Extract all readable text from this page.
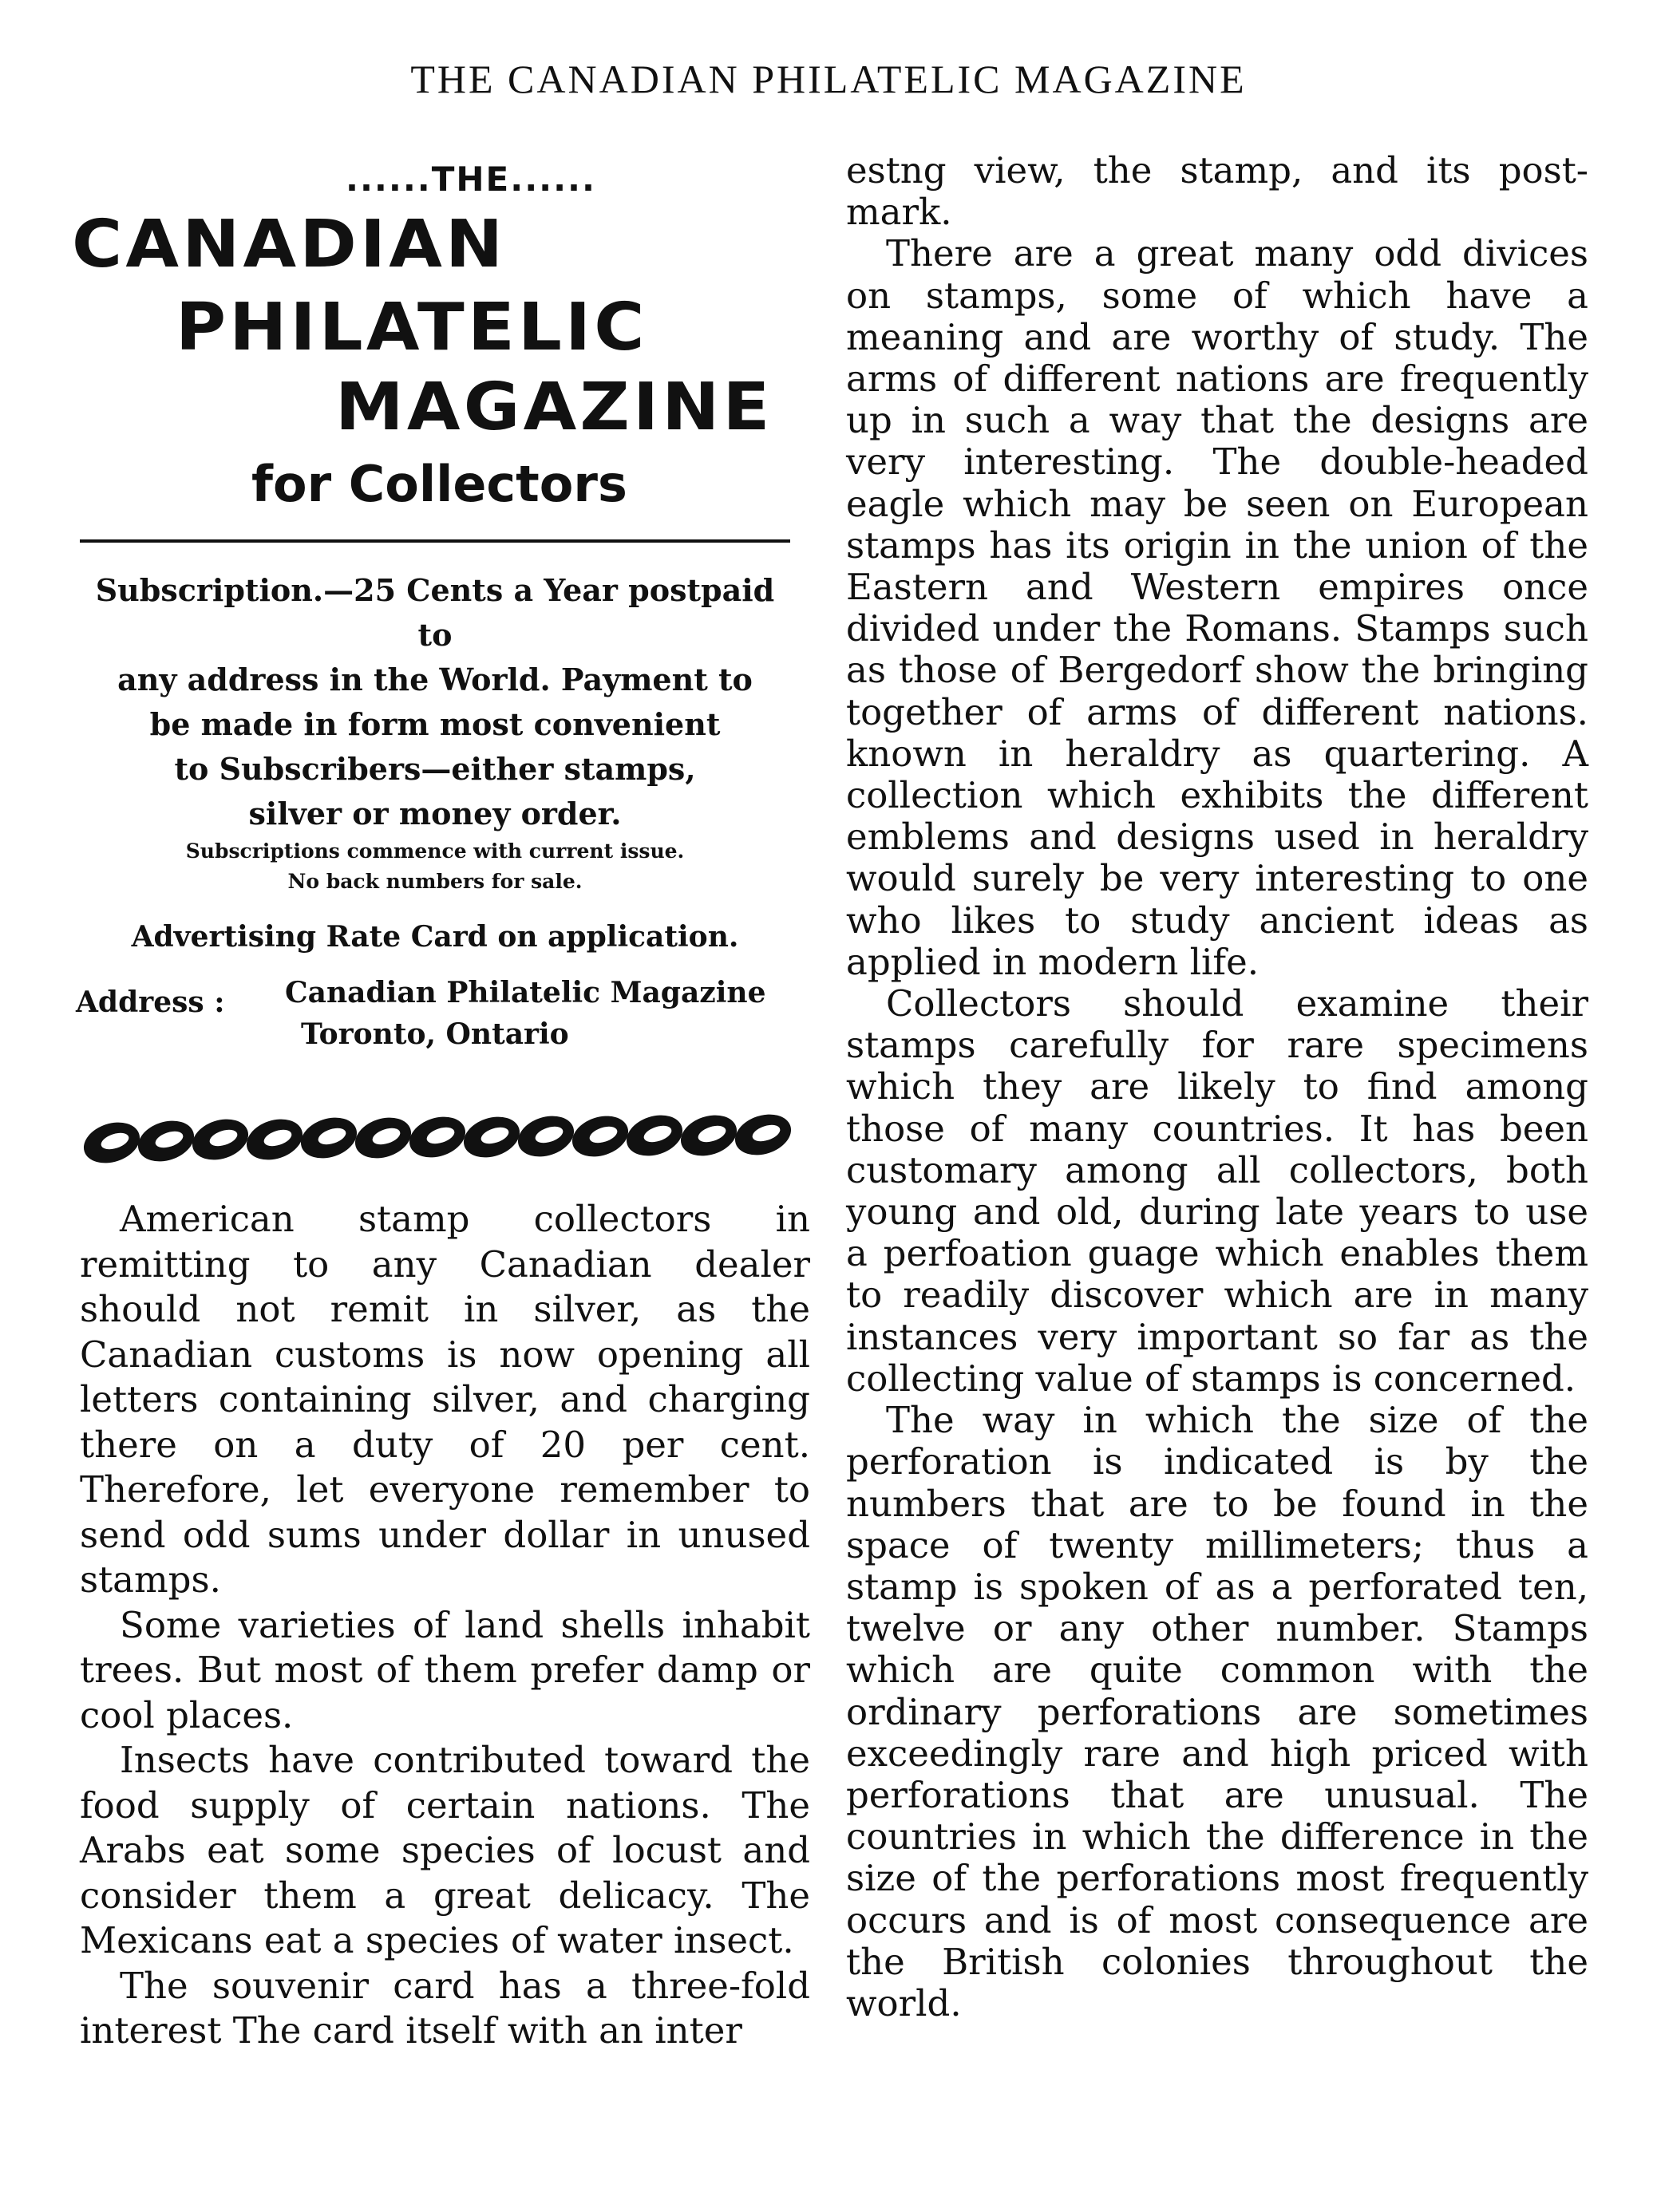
THE CANADIAN PHILATELIC MAGAZINE
......THE......
CANADIAN
PHILATELIC
MAGAZINE
for Collectors
Subscription.—25 Cents a Year postpaid to
any address in the World. Payment to
be made in form most convenient
to Subscribers—either stamps,
silver or money order.
Subscriptions commence with current issue.
No back numbers for sale.
Advertising Rate Card on application.
Address : Canadian Philatelic Magazine
Toronto, Ontario

American stamp collectors in remitting to any Canadian dealer should not remit in silver, as the Canadian customs is now opening all letters containing silver, and charging there on a duty of 20 per cent. Therefore, let everyone remember to send odd sums under dollar in unused stamps.

Some varieties of land shells inhabit trees. But most of them prefer damp or cool places.

Insects have contributed toward the food supply of certain nations. The Arabs eat some species of locust and consider them a great delicacy. The Mexicans eat a species of water insect.

The souvenir card has a three-fold interest The card itself with an inter

estng view, the stamp, and its post-mark.

There are a great many odd divices on stamps, some of which have a meaning and are worthy of study. The arms of different nations are frequently up in such a way that the designs are very interesting. The double-headed eagle which may be seen on European stamps has its origin in the union of the Eastern and Western empires once divided under the Romans. Stamps such as those of Bergedorf show the bringing together of arms of different nations. known in heraldry as quartering. A collection which exhibits the different emblems and designs used in heraldry would surely be very interesting to one who likes to study ancient ideas as applied in modern life.

Collectors should examine their stamps carefully for rare specimens which they are likely to find among those of many countries. It has been customary among all collectors, both young and old, during late years to use a perfoation guage which enables them to readily discover which are in many instances very important so far as the collecting value of stamps is concerned.

The way in which the size of the perforation is indicated is by the numbers that are to be found in the space of twenty millimeters; thus a stamp is spoken of as a perforated ten, twelve or any other number. Stamps which are quite common with the ordinary perforations are sometimes exceedingly rare and high priced with perforations that are unusual. The countries in which the difference in the size of the perforations most frequently occurs and is of most consequence are the British colonies throughout the world.
